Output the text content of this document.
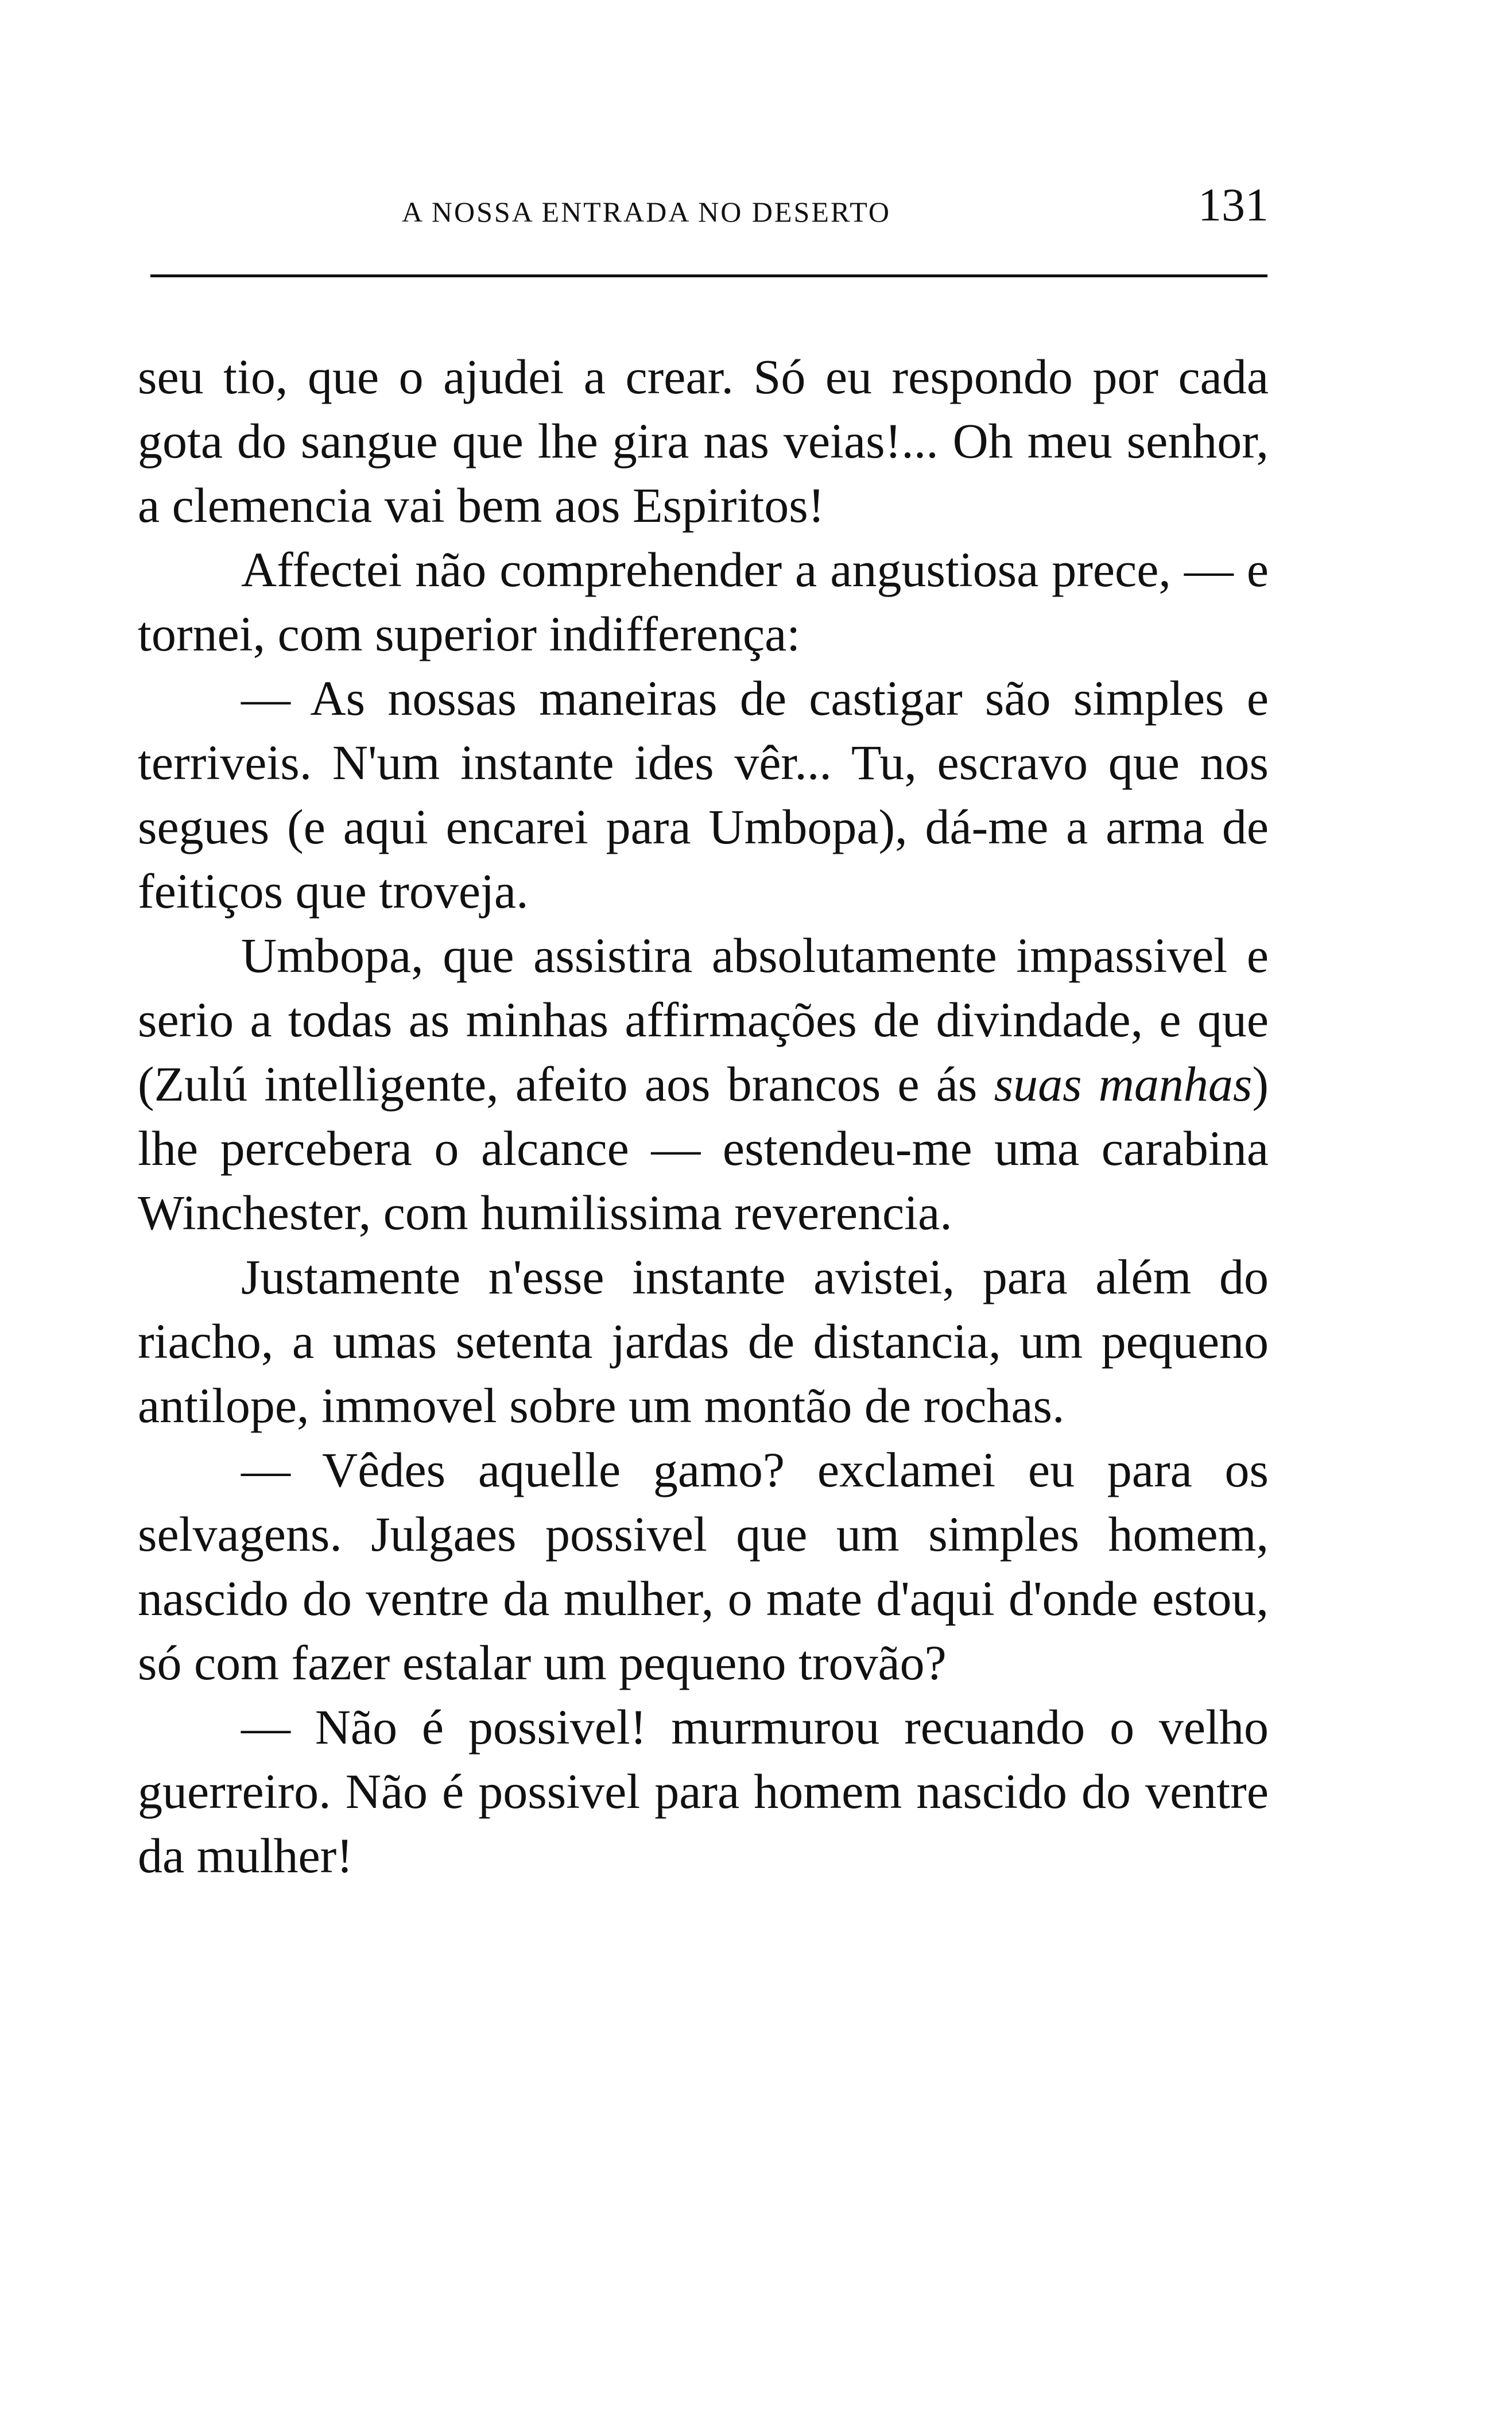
A NOSSA ENTRADA NO DESERTO	131

seu tio, que o ajudei a crear. Só eu respondo por cada gota do sangue que lhe gira nas veias!... Oh meu senhor, a clemencia vai bem aos Espiritos!

Affectei não comprehender a angustiosa prece, — e tornei, com superior indifferença:

— As nossas maneiras de castigar são simples e terriveis. N'um instante ides vêr... Tu, escravo que nos segues (e aqui encarei para Umbopa), dá-me a arma de feitiços que troveja.

Umbopa, que assistira absolutamente impassivel e serio a todas as minhas affirmações de divindade, e que (Zulú intelligente, afeito aos brancos e ás suas manhas) lhe percebera o alcance — estendeu-me uma carabina Winchester, com humilissima reverencia.

Justamente n'esse instante avistei, para além do riacho, a umas setenta jardas de distancia, um pequeno antilope, immovel sobre um montão de rochas.

— Vêdes aquelle gamo? exclamei eu para os selvagens. Julgaes possivel que um simples homem, nascido do ventre da mulher, o mate d'aqui d'onde estou, só com fazer estalar um pequeno trovão?

— Não é possivel! murmurou recuando o velho guerreiro. Não é possivel para homem nascido do ventre da mulher!
